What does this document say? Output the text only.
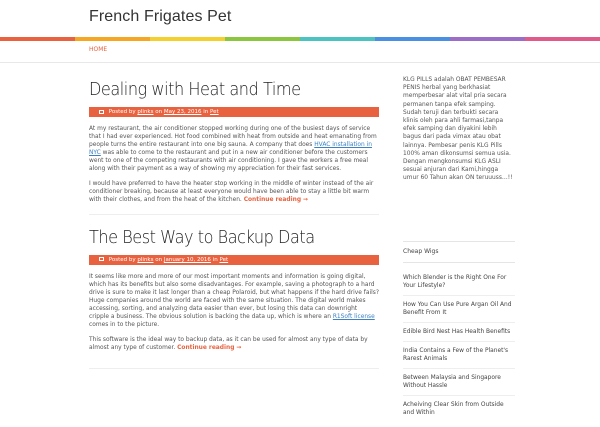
French Frigates Pet
HOME
Dealing with Heat and Time
Posted by plinks on May 23, 2016 in Pet

At my restaurant, the air conditioner stopped working during one of the busiest days of service that I had ever experienced. Hot food combined with heat from outside and heat emanating from people turns the entire restaurant into one big sauna. A company that does HVAC installation in NYC was able to come to the restaurant and put in a new air conditioner before the customers went to one of the competing restaurants with air conditioning. I gave the workers a free meal along with their payment as a way of showing my appreciation for their fast services.

I would have preferred to have the heater stop working in the middle of winter instead of the air conditioner breaking, because at least everyone would have been able to stay a little bit warm with their clothes, and from the heat of the kitchen. Continue reading →

The Best Way to Backup Data
Posted by plinks on January 10, 2016 in Pet

It seems like more and more of our most important moments and information is going digital, which has its benefits but also some disadvantages. For example, saving a photograph to a hard drive is sure to make it last longer than a cheap Polaroid, but what happens if the hard drive fails? Huge companies around the world are faced with the same situation. The digital world makes accessing, sorting, and analyzing data easier than ever, but losing this data can downright cripple a business. The obvious solution is backing the data up, which is where an R1Soft license comes in to the picture.

This software is the ideal way to backup data, as it can be used for almost any type of data by almost any type of customer. Continue reading →

KLG PILLS adalah OBAT PEMBESAR PENIS herbal yang berkhasiat memperbesar alat vital pria secara permanen tanpa efek samping. Sudah teruji dan terbukti secara klinis oleh para ahli farmasi,tanpa efek samping dan diyakini lebih bagus dari pada vimax atau obat lainnya. Pembesar penis KLG Pills 100% aman dikonsumsi semua usia. Dengan mengkonsumsi KLG ASLI sesuai anjuran dari Kami,hingga umur 60 Tahun akan ON teruuuss…!!

Cheap Wigs
Which Blender is the Right One For Your Lifestyle?
How You Can Use Pure Argan Oil And Benefit From It
Edible Bird Nest Has Health Benefits
India Contains a Few of the Planet's Rarest Animals
Between Malaysia and Singapore Without Hassle
Acheiving Clear Skin from Outside and Within
